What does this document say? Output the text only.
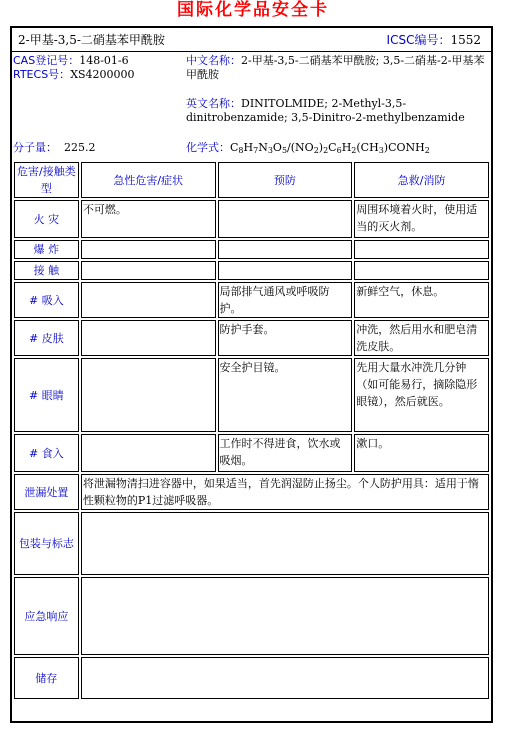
国际化学品安全卡
2-甲基-3,5-二硝基苯甲酰胺	ICSC编号：1552
CAS登记号：148-01-6
RTECS号：XS4200000
分子量： 225.2
中文名称：2-甲基-3,5-二硝基苯甲酰胺; 3,5-二硝基-2-甲基苯甲酰胺
英文名称：DINITOLMIDE; 2-Methyl-3,5-dinitrobenzamide; 3,5-Dinitro-2-methylbenzamide
化学式：$C_8H_7N_3O_5/(NO_2)_2C_6H_2(CH_3)CONH_2$
危害/接触类型	急性危害/症状	预防	急救/消防
火 灾	不可燃。		周围环境着火时，使用适当的灭火剂。
爆 炸			
接 触			
# 吸入		局部排气通风或呼吸防护。	新鲜空气，休息。
# 皮肤		防护手套。	冲洗，然后用水和肥皂清洗皮肤。
# 眼睛		安全护目镜。	先用大量水冲洗几分钟（如可能易行，摘除隐形眼镜），然后就医。
# 食入		工作时不得进食，饮水或吸烟。	漱口。
泄漏处置	将泄漏物清扫进容器中，如果适当，首先润湿防止扬尘。个人防护用具：适用于惰性颗粒物的P1过滤呼吸器。		
包装与标志			
应急响应			
储存			
